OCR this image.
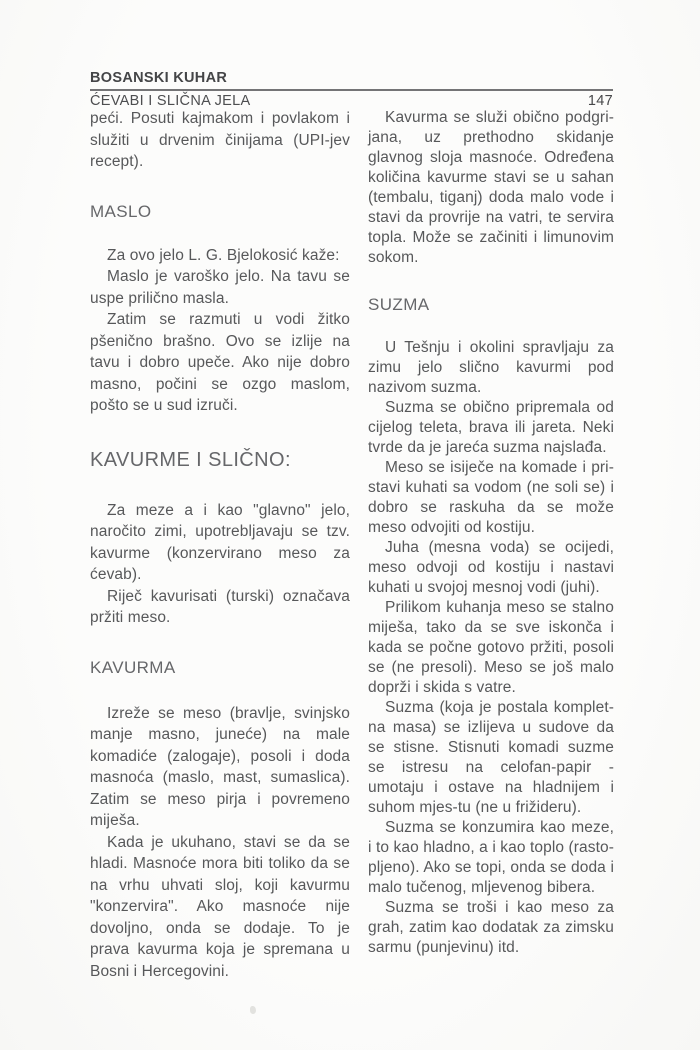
BOSANSKI KUHAR
ĆEVABI I SLIČNA JELA	147

peći. Posuti kajmakom i povlakom i služiti u drvenim činijama (UPI-jev recept).

MASLO

Za ovo jelo L. G. Bjelokosić kaže:

Maslo je varoško jelo. Na tavu se uspe prilično masla.

Zatim se razmuti u vodi žitko pšenično brašno. Ovo se izlije na tavu i dobro upeče. Ako nije dobro masno, počini se ozgo maslom, pošto se u sud izruči.

KAVURME I SLIČNO:

Za meze a i kao "glavno" jelo, naročito zimi, upotrebljavaju se tzv. kavurme (konzervirano meso za ćevab).

Riječ kavurisati (turski) označava pržiti meso.

KAVURMA

Izreže se meso (bravlje, svinjsko manje masno, juneće) na male komadiće (zalogaje), posoli i doda masnoća (maslo, mast, sumaslica). Zatim se meso pirja i povremeno miješa.

Kada je ukuhano, stavi se da se hladi. Masnoće mora biti toliko da se na vrhu uhvati sloj, koji kavurmu "konzervira". Ako masnoće nije dovoljno, onda se dodaje. To je prava kavurma koja je spremana u Bosni i Hercegovini.

Kavurma se služi obično podgri-jana, uz prethodno skidanje glavnog sloja masnoće. Određena količina kavurme stavi se u sahan (tembalu, tiganj) doda malo vode i stavi da provrije na vatri, te servira topla. Može se začiniti i limunovim sokom.

SUZMA

U Tešnju i okolini spravljaju za zimu jelo slično kavurmi pod nazivom suzma.

Suzma se obično pripremala od cijelog teleta, brava ili jareta. Neki tvrde da je jareća suzma najslađa.

Meso se isiječe na komade i pri-stavi kuhati sa vodom (ne soli se) i dobro se raskuha da se može meso odvojiti od kostiju.

Juha (mesna voda) se ocijedi, meso odvoji od kostiju i nastavi kuhati u svojoj mesnoj vodi (juhi).

Prilikom kuhanja meso se stalno miješa, tako da se sve iskonča i kada se počne gotovo pržiti, posoli se (ne presoli). Meso se još malo doprži i skida s vatre.

Suzma (koja je postala komplet-na masa) se izlijeva u sudove da se stisne. Stisnuti komadi suzme se istresu na celofan-papir - umotaju i ostave na hladnijem i suhom mjes-tu (ne u frižideru).

Suzma se konzumira kao meze, i to kao hladno, a i kao toplo (rasto-pljeno). Ako se topi, onda se doda i malo tučenog, mljevenog bibera.

Suzma se troši i kao meso za grah, zatim kao dodatak za zimsku sarmu (punjevinu) itd.
